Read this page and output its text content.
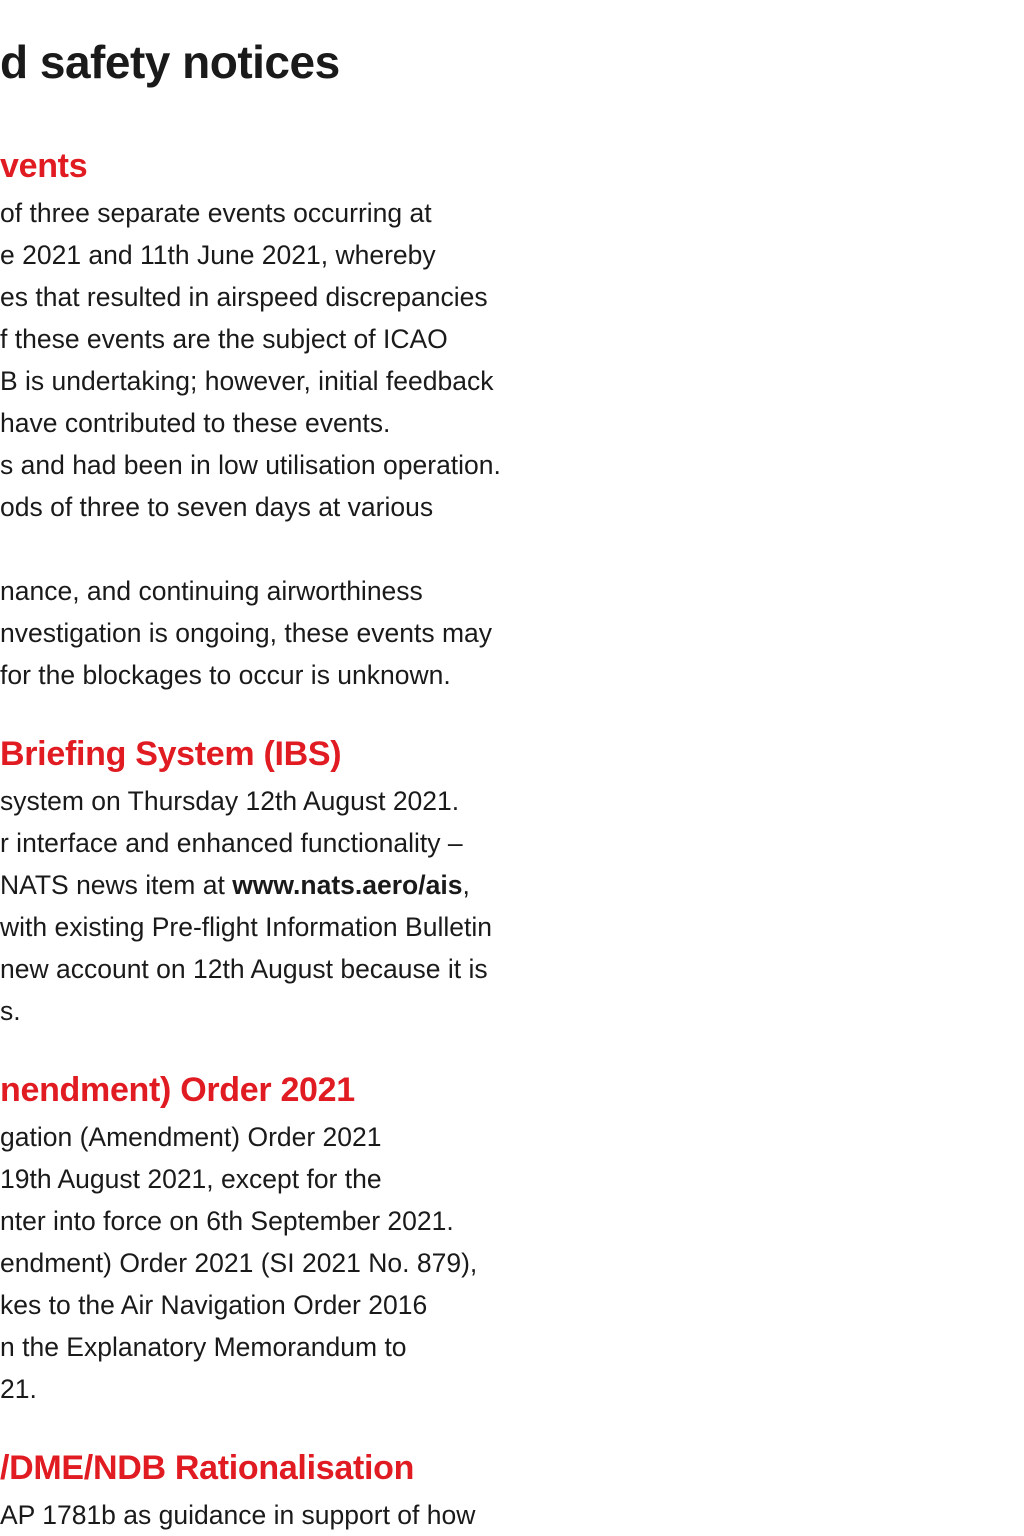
d safety notices
vents

of three separate events occurring at

e 2021 and 11th June 2021, whereby

es that resulted in airspeed discrepancies

f these events are the subject of ICAO

B is undertaking; however, initial feedback

have contributed to these events.

s and had been in low utilisation operation.

ods of three to seven days at various

nance, and continuing airworthiness

nvestigation is ongoing, these events may

for the blockages to occur is unknown.

Briefing System (IBS)

system on Thursday 12th August 2021.

r interface and enhanced functionality –

NATS news item at www.nats.aero/ais,

with existing Pre-flight Information Bulletin

new account on 12th August because it is

s.

nendment) Order 2021

gation (Amendment) Order 2021

19th August 2021, except for the

nter into force on 6th September 2021.

endment) Order 2021 (SI 2021 No. 879),

kes to the Air Navigation Order 2016

n the Explanatory Memorandum to

21.

/DME/NDB Rationalisation

AP 1781b as guidance in support of how
